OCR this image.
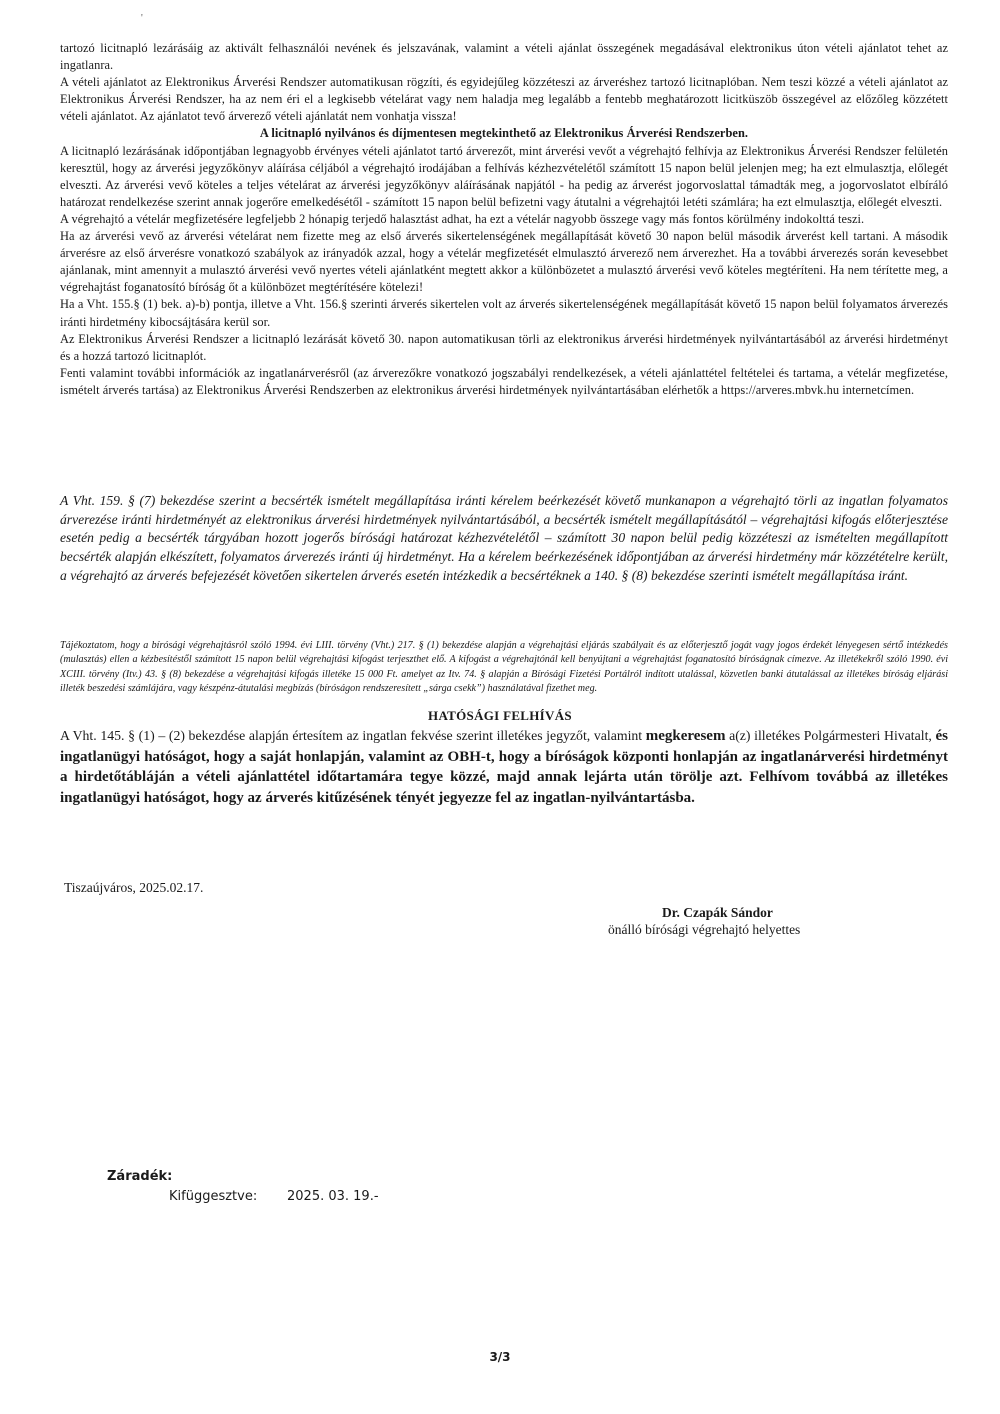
'

tartozó licitnapló lezárásáig az aktivált felhasználói nevének és jelszavának, valamint a vételi ajánlat összegének megadásával elektronikus úton vételi ajánlatot tehet az ingatlanra.

A vételi ajánlatot az Elektronikus Árverési Rendszer automatikusan rögzíti, és egyidejűleg közzéteszi az árveréshez tartozó licitnaplóban. Nem teszi közzé a vételi ajánlatot az Elektronikus Árverési Rendszer, ha az nem éri el a legkisebb vételárat vagy nem haladja meg legalább a fentebb meghatározott licitküszöb összegével az előzőleg közzétett vételi ajánlatot. Az ajánlatot tevő árverező vételi ajánlatát nem vonhatja vissza!

A licitnapló nyilvános és díjmentesen megtekinthető az Elektronikus Árverési Rendszerben.

A licitnapló lezárásának időpontjában legnagyobb érvényes vételi ajánlatot tartó árverezőt, mint árverési vevőt a végrehajtó felhívja az Elektronikus Árverési Rendszer felületén keresztül, hogy az árverési jegyzőkönyv aláírása céljából a végrehajtó irodájában a felhívás kézhezvételétől számított 15 napon belül jelenjen meg; ha ezt elmulasztja, előlegét elveszti. Az árverési vevő köteles a teljes vételárat az árverési jegyzőkönyv aláírásának napjától - ha pedig az árverést jogorvoslattal támadták meg, a jogorvoslatot elbíráló határozat rendelkezése szerint annak jogerőre emelkedésétől - számított 15 napon belül befizetni vagy átutalni a végrehajtói letéti számlára; ha ezt elmulasztja, előlegét elveszti.

A végrehajtó a vételár megfizetésére legfeljebb 2 hónapig terjedő halasztást adhat, ha ezt a vételár nagyobb összege vagy más fontos körülmény indokolttá teszi.

Ha az árverési vevő az árverési vételárat nem fizette meg az első árverés sikertelenségének megállapítását követő 30 napon belül második árverést kell tartani. A második árverésre az első árverésre vonatkozó szabályok az irányadók azzal, hogy a vételár megfizetését elmulasztó árverező nem árverezhet. Ha a további árverezés során kevesebbet ajánlanak, mint amennyit a mulasztó árverési vevő nyertes vételi ajánlatként megtett akkor a különbözetet a mulasztó árverési vevő köteles megtéríteni. Ha nem térítette meg, a végrehajtást foganatosító bíróság őt a különbözet megtérítésére kötelezi!

Ha a Vht. 155.§ (1) bek. a)-b) pontja, illetve a Vht. 156.§ szerinti árverés sikertelen volt az árverés sikertelenségének megállapítását követő 15 napon belül folyamatos árverezés iránti hirdetmény kibocsájtására kerül sor.

Az Elektronikus Árverési Rendszer a licitnapló lezárását követő 30. napon automatikusan törli az elektronikus árverési hirdetmények nyilvántartásából az árverési hirdetményt és a hozzá tartozó licitnaplót.

Fenti valamint további információk az ingatlanárverésről (az árverezőkre vonatkozó jogszabályi rendelkezések, a vételi ajánlattétel feltételei és tartama, a vételár megfizetése, ismételt árverés tartása) az Elektronikus Árverési Rendszerben az elektronikus árverési hirdetmények nyilvántartásában elérhetők a https://arveres.mbvk.hu internetcímen.

A Vht. 159. § (7) bekezdése szerint a becsérték ismételt megállapítása iránti kérelem beérkezését követő munkanapon a végrehajtó törli az ingatlan folyamatos árverezése iránti hirdetményét az elektronikus árverési hirdetmények nyilvántartásából, a becsérték ismételt megállapításától – végrehajtási kifogás előterjesztése esetén pedig a becsérték tárgyában hozott jogerős bírósági határozat kézhezvételétől – számított 30 napon belül pedig közzéteszi az ismételten megállapított becsérték alapján elkészített, folyamatos árverezés iránti új hirdetményt. Ha a kérelem beérkezésének időpontjában az árverési hirdetmény már közzétételre került, a végrehajtó az árverés befejezését követően sikertelen árverés esetén intézkedik a becsértéknek a 140. § (8) bekezdése szerinti ismételt megállapítása iránt.
Tájékoztatom, hogy a bírósági végrehajtásról szóló 1994. évi LIII. törvény (Vht.) 217. § (1) bekezdése alapján a végrehajtási eljárás szabályait és az előterjesztő jogát vagy jogos érdekét lényegesen sértő intézkedés (mulasztás) ellen a kézbesítéstől számított 15 napon belül végrehajtási kifogást terjeszthet elő. A kifogást a végrehajtónál kell benyújtani a végrehajtást foganatosító bíróságnak címezve. Az illetékekről szóló 1990. évi XCIII. törvény (Itv.) 43. § (8) bekezdése a végrehajtási kifogás illetéke 15 000 Ft. amelyet az Itv. 74. § alapján a Bírósági Fizetési Portálról indított utalással, közvetlen banki átutalással az illetékes bíróság eljárási illeték beszedési számlájára, vagy készpénz-átutalási megbízás (bíróságon rendszeresített „sárga csekk”) használatával fizethet meg.
HATÓSÁGI FELHÍVÁS
A Vht. 145. § (1) – (2) bekezdése alapján értesítem az ingatlan fekvése szerint illetékes jegyzőt, valamint megkeresem a(z) illetékes Polgármesteri Hivatalt, és ingatlanügyi hatóságot, hogy a saját honlapján, valamint az OBH-t, hogy a bíróságok központi honlapján az ingatlanárverési hirdetményt a hirdetőtábláján a vételi ajánlattétel időtartamára tegye közzé, majd annak lejárta után törölje azt. Felhívom továbbá az illetékes ingatlanügyi hatóságot, hogy az árverés kitűzésének tényét jegyezze fel az ingatlan-nyilvántartásba.
Tiszaújváros, 2025.02.17.
Dr. Czapák Sándor
önálló bírósági végrehajtó helyettes
Záradék:
Kifüggesztve: 2025. 03. 19.-
3/3
